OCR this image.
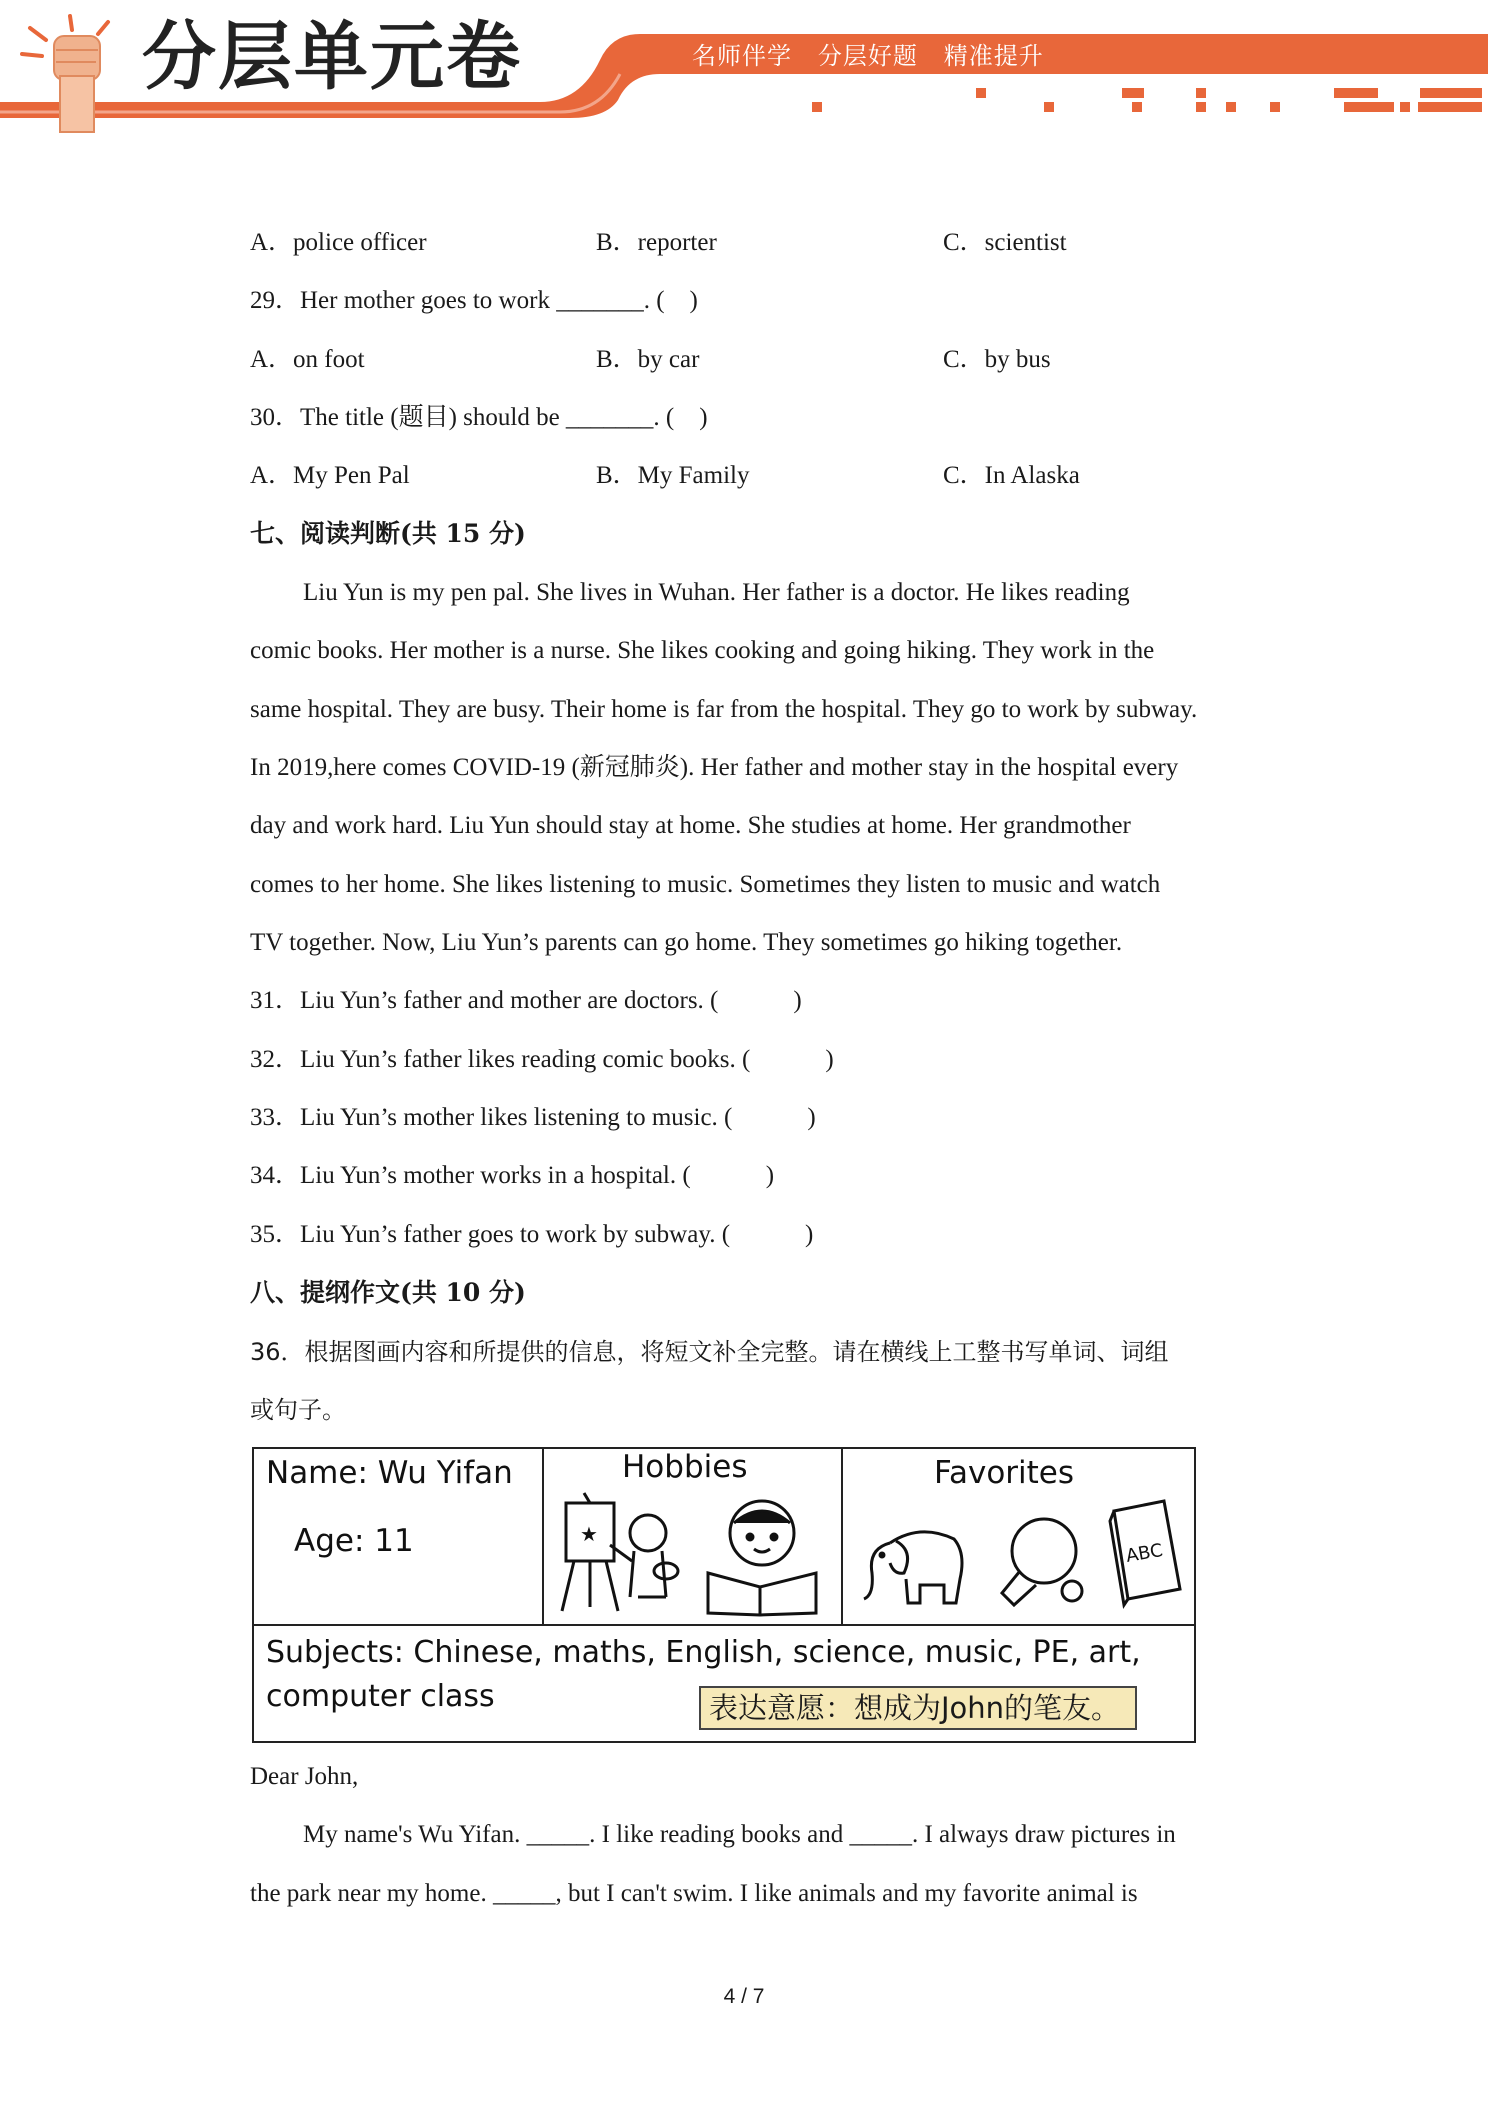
分层单元卷	名师伴学   分层好题   精准提升
A．police officer	B．reporter	C．scientist
29．Her mother goes to work _______. (    )
A．on foot	B．by car	C．by bus
30．The title (题目) should be _______. (    )
A．My Pen Pal	B．My Family	C．In Alaska
七、阅读判断(共 15 分)
Liu Yun is my pen pal. She lives in Wuhan. Her father is a doctor. He likes reading
comic books. Her mother is a nurse. She likes cooking and going hiking. They work in the
same hospital. They are busy. Their home is far from the hospital. They go to work by subway.
In 2019,here comes COVID-19 (新冠肺炎). Her father and mother stay in the hospital every
day and work hard. Liu Yun should stay at home. She studies at home. Her grandmother
comes to her home. She likes listening to music. Sometimes they listen to music and watch
TV together. Now, Liu Yun’s parents can go home. They sometimes go hiking together.
31．Liu Yun’s father and mother are doctors. (            )
32．Liu Yun’s father likes reading comic books. (            )
33．Liu Yun’s mother likes listening to music. (            )
34．Liu Yun’s mother works in a hospital. (            )
35．Liu Yun’s father goes to work by subway. (            )
八、提纲作文(共 10 分)
36．根据图画内容和所提供的信息，将短文补全完整。请在横线上工整书写单词、词组
或句子。
Name: Wu Yifan
Age: 11
Hobbies	Favorites
★
ABC
Subjects: Chinese, maths, English, science, music, PE, art,
computer class	表达意愿：想成为John的笔友。
Dear John,
My name's Wu Yifan. _____. I like reading books and _____. I always draw pictures in
the park near my home. _____, but I can't swim. I like animals and my favorite animal is
4 / 7
